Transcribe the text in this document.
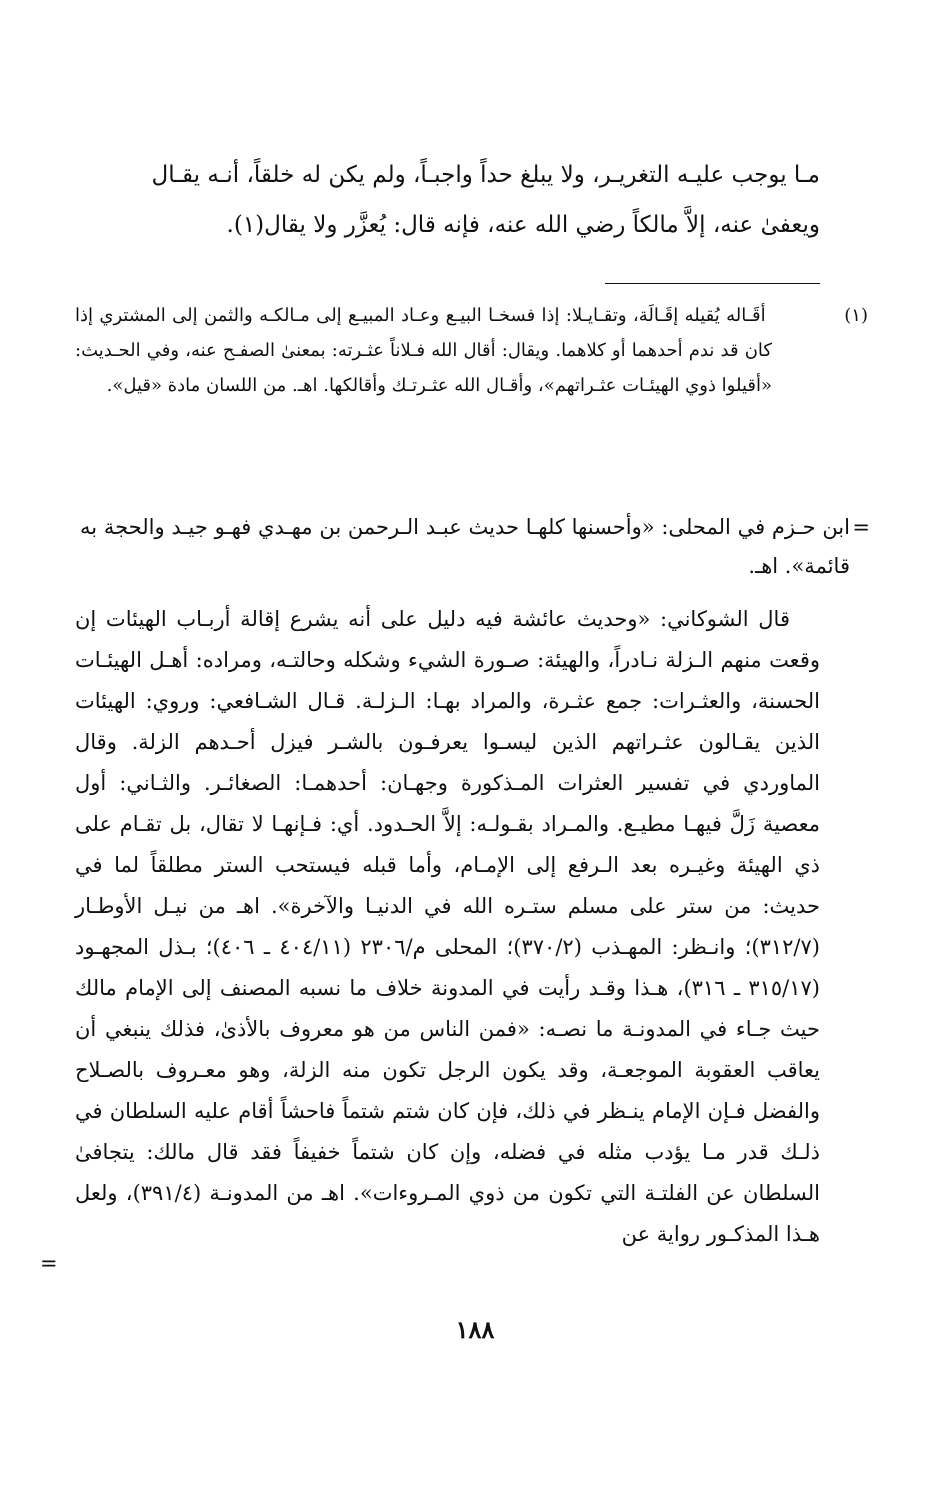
مـا يوجب عليـه التغريـر، ولا يبلغ حداً واجبـاً، ولم يكن له خلقاً، أنـه يقـال

ويعفىٰ عنه، إلاَّ مالكاً رضي الله عنه، فإنه قال: يُعزَّر ولا يقال(١).

(١) أقَـاله يُقيله إقَـالَة، وتقـايـلا: إذا فسخـا البيـع وعـاد المبيـع إلى مـالكـه والثمن إلى المشتري إذا كان قد ندم أحدهما أو كلاهما. ويقال: أقال الله فـلاناً عثـرته: بمعنىٰ الصفـح عنه، وفي الحـديث: «أقيلوا ذوي الهيئـات عثـراتهم»، وأقـال الله عثـرتـك وأقالكها. اهـ. من اللسان مادة «قيل».

=

ابن حـزم في المحلى: «وأحسنها كلهـا حديث عبـد الـرحمن بن مهـدي فهـو جيـد والحجة به قائمة». اهـ.

قال الشوكاني: «وحديث عائشة فيه دليل على أنه يشرع إقالة أربـاب الهيئات إن وقعت منهم الـزلة نـادراً، والهيئة: صـورة الشيء وشكله وحالتـه، ومراده: أهـل الهيئـات الحسنة، والعثـرات: جمع عثـرة، والمراد بهـا: الـزلـة. قـال الشـافعي: وروي: الهيئات الذين يقـالون عثـراتهم الذين ليسـوا يعرفـون بالشـر فيزل أحـدهم الزلة. وقال الماوردي في تفسير العثرات المـذكورة وجهـان: أحدهمـا: الصغائـر. والثـاني: أول معصية زَلَّ فيهـا مطيـع. والمـراد بقـولـه: إلاَّ الحـدود. أي: فـإنهـا لا تقال، بل تقـام على ذي الهيئة وغيـره بعد الـرفع إلى الإمـام، وأما قبله فيستحب الستر مطلقاً لما في حديث: من ستر على مسلم ستـره الله في الدنيـا والآخرة». اهـ من نيـل الأوطـار (٣١٢/٧)؛ وانـظر: المهـذب (٣٧٠/٢)؛ المحلى م/٢٣٠٦ (٤٠٤/١١ ـ ٤٠٦)؛ بـذل المجهـود (٣١٥/١٧ ـ ٣١٦)، هـذا وقـد رأيت في المدونة خلاف ما نسبه المصنف إلى الإمام مالك حيث جـاء في المدونـة ما نصـه: «فمن الناس من هو معروف بالأذىٰ، فذلك ينبغي أن يعاقب العقوبة الموجعـة، وقد يكون الرجل تكون منه الزلة، وهو معـروف بالصـلاح والفضل فـإن الإمام ينـظر في ذلك، فإن كان شتم شتماً فاحشاً أقام عليه السلطان في ذلـك قدر مـا يؤدب مثله في فضله، وإن كان شتماً خفيفاً فقد قال مالك: يتجافىٰ السلطان عن الفلتـة التي تكون من ذوي المـروءات». اهـ من المدونـة (٣٩١/٤)، ولعل هـذا المذكـور رواية عن

=
١٨٨
